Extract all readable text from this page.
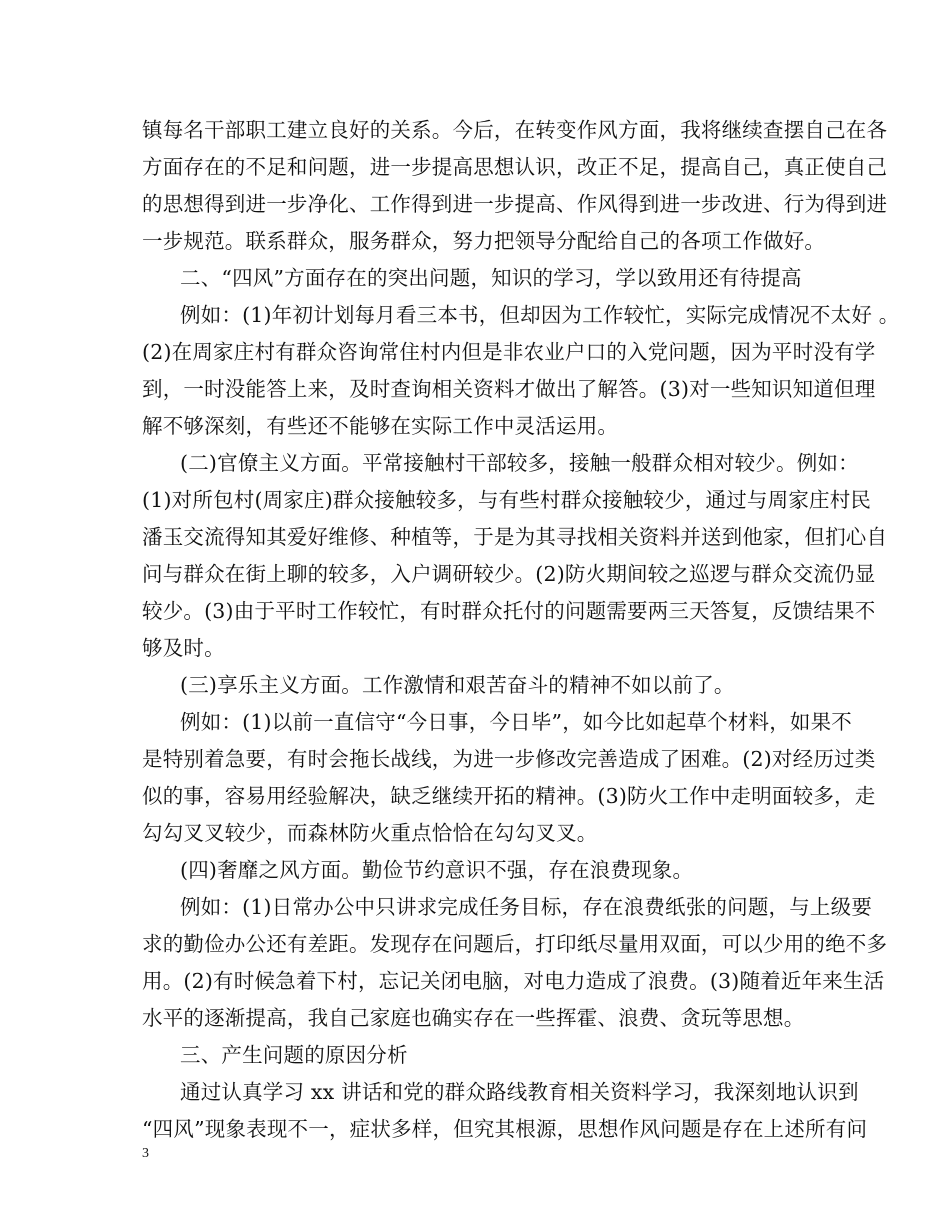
镇每名干部职工建立良好的关系。今后，在转变作风方面，我将继续查摆自己在各
方面存在的不足和问题，进一步提高思想认识，改正不足，提高自己，真正使自己
的思想得到进一步净化、工作得到进一步提高、作风得到进一步改进、行为得到进
一步规范。联系群众，服务群众，努力把领导分配给自己的各项工作做好。
二、“四风”方面存在的突出问题，知识的学习，学以致用还有待提高
例如：(1)年初计划每月看三本书，但却因为工作较忙，实际完成情况不太好 。
(2)在周家庄村有群众咨询常住村内但是非农业户口的入党问题，因为平时没有学
到，一时没能答上来，及时查询相关资料才做出了解答。(3)对一些知识知道但理
解不够深刻，有些还不能够在实际工作中灵活运用。
(二)官僚主义方面。平常接触村干部较多，接触一般群众相对较少。例如：
(1)对所包村(周家庄)群众接触较多，与有些村群众接触较少，通过与周家庄村民
潘玉交流得知其爱好维修、种植等，于是为其寻找相关资料并送到他家，但扪心自
问与群众在街上聊的较多，入户调研较少。(2)防火期间较之巡逻与群众交流仍显
较少。(3)由于平时工作较忙，有时群众托付的问题需要两三天答复，反馈结果不
够及时。
(三)享乐主义方面。工作激情和艰苦奋斗的精神不如以前了。
例如：(1)以前一直信守“今日事，今日毕”，如今比如起草个材料，如果不
是特别着急要，有时会拖长战线，为进一步修改完善造成了困难。(2)对经历过类
似的事，容易用经验解决，缺乏继续开拓的精神。(3)防火工作中走明面较多，走
勾勾叉叉较少，而森林防火重点恰恰在勾勾叉叉。
(四)奢靡之风方面。勤俭节约意识不强，存在浪费现象。
例如：(1)日常办公中只讲求完成任务目标，存在浪费纸张的问题，与上级要
求的勤俭办公还有差距。发现存在问题后，打印纸尽量用双面，可以少用的绝不多
用。(2)有时候急着下村，忘记关闭电脑，对电力造成了浪费。(3)随着近年来生活
水平的逐渐提高，我自己家庭也确实存在一些挥霍、浪费、贪玩等思想。
三、产生问题的原因分析
通过认真学习 xx 讲话和党的群众路线教育相关资料学习，我深刻地认识到
“四风”现象表现不一，症状多样，但究其根源，思想作风问题是存在上述所有问
3
